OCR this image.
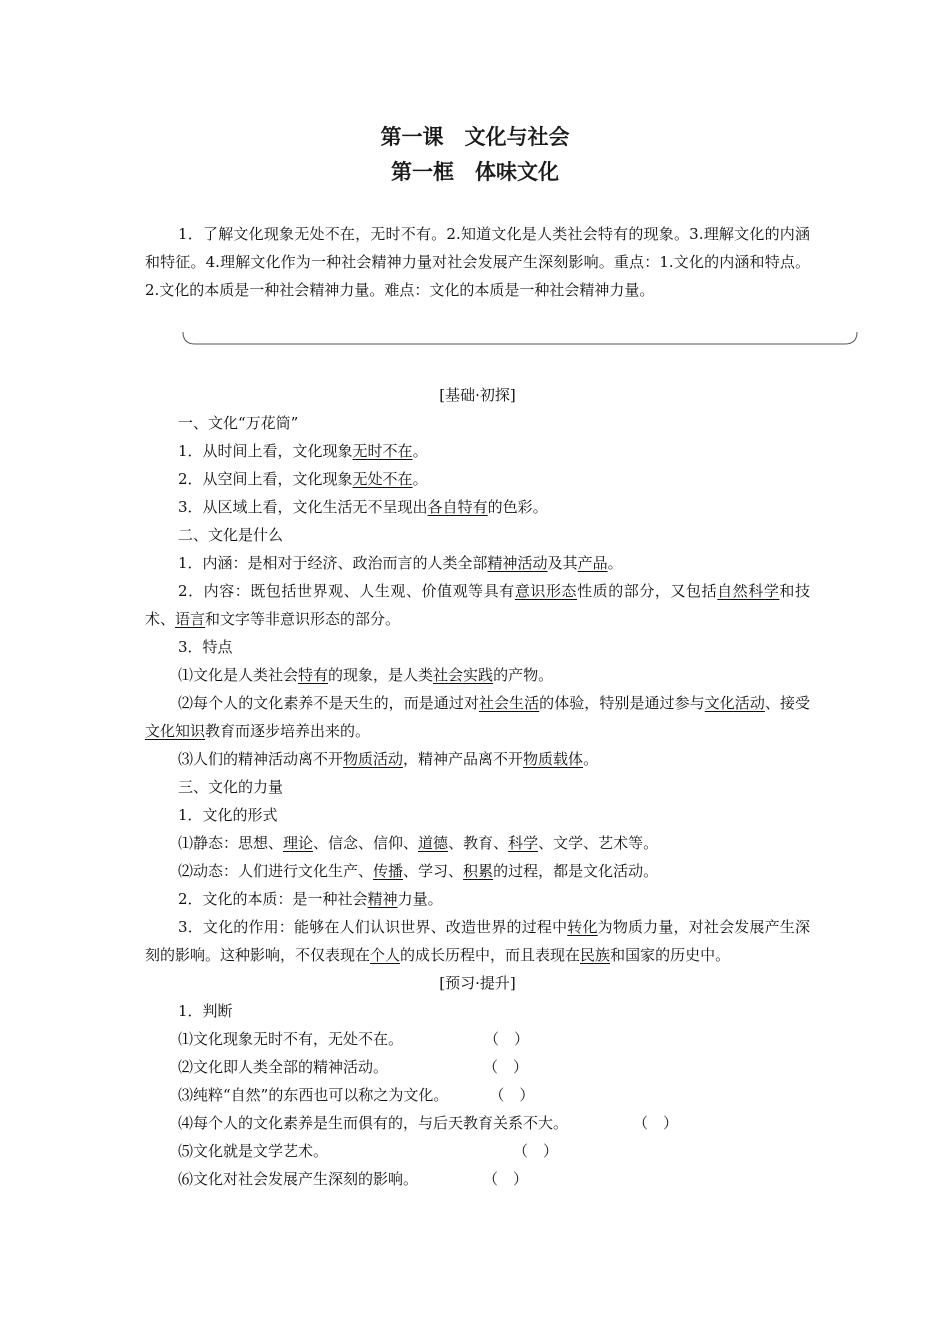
第一课　文化与社会
第一框　体味文化
1．了解文化现象无处不在，无时不有。2.知道文化是人类社会特有的现象。3.理解文化的内涵和特征。4.理解文化作为一种社会精神力量对社会发展产生深刻影响。重点：1.文化的内涵和特点。2.文化的本质是一种社会精神力量。难点：文化的本质是一种社会精神力量。

[基础·初探]

一、文化“万花筒”

1．从时间上看，文化现象无时不在。

2．从空间上看，文化现象无处不在。

3．从区域上看，文化生活无不呈现出各自特有的色彩。

二、文化是什么

1．内涵：是相对于经济、政治而言的人类全部精神活动及其产品。

2．内容：既包括世界观、人生观、价值观等具有意识形态性质的部分，又包括自然科学和技术、语言和文字等非意识形态的部分。

3．特点

⑴文化是人类社会特有的现象，是人类社会实践的产物。

⑵每个人的文化素养不是天生的，而是通过对社会生活的体验，特别是通过参与文化活动、接受文化知识教育而逐步培养出来的。

⑶人们的精神活动离不开物质活动，精神产品离不开物质载体。

三、文化的力量

1．文化的形式

⑴静态：思想、理论、信念、信仰、道德、教育、科学、文学、艺术等。

⑵动态：人们进行文化生产、传播、学习、积累的过程，都是文化活动。

2．文化的本质：是一种社会精神力量。

3．文化的作用：能够在人们认识世界、改造世界的过程中转化为物质力量，对社会发展产生深刻的影响。这种影响，不仅表现在个人的成长历程中，而且表现在民族和国家的历史中。

[预习·提升]

1．判断

⑴文化现象无时不有，无处不在。	（　）

⑵文化即人类全部的精神活动。	（　）

⑶纯粹“自然”的东西也可以称之为文化。	（　）

⑷每个人的文化素养是生而俱有的，与后天教育关系不大。	（　）

⑸文化就是文学艺术。	（　）

⑹文化对社会发展产生深刻的影响。	（　）
